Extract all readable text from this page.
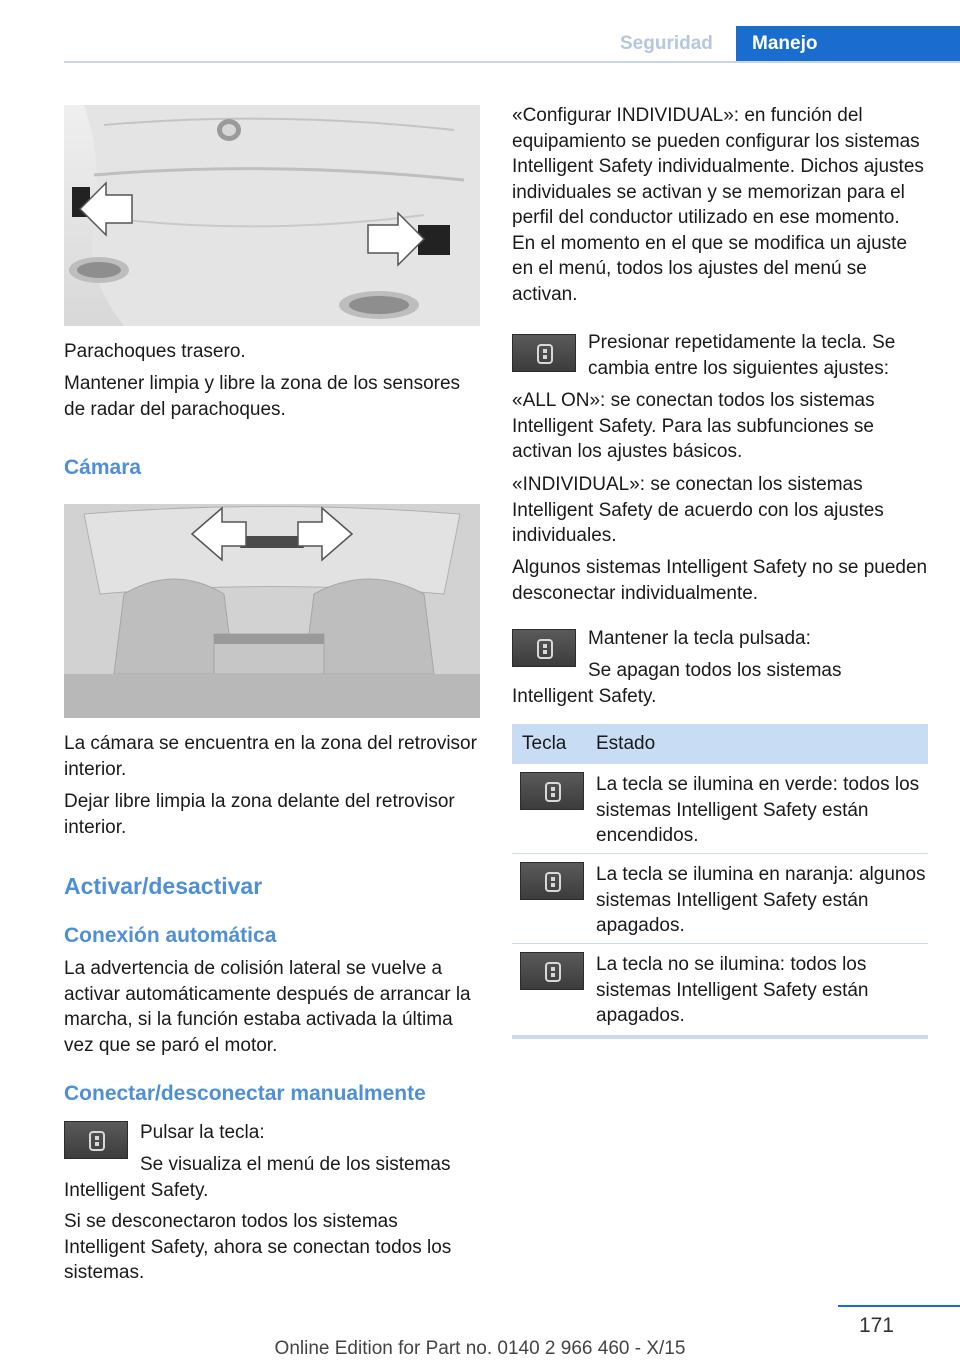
Seguridad	Manejo

Parachoques trasero.

Mantener limpia y libre la zona de los sensores de radar del parachoques.

Cámara

La cámara se encuentra en la zona del retrovisor interior.

Dejar libre limpia la zona delante del retrovisor interior.

Activar/desactivar
Conexión automática

La advertencia de colisión lateral se vuelve a activar automáticamente después de arrancar la marcha, si la función estaba activada la última vez que se paró el motor.

Conectar/desconectar manualmente

Pulsar la tecla:

Se visualiza el menú de los sistemas Intelligent Safety.

Si se desconectaron todos los sistemas Intelligent Safety, ahora se conectan todos los sistemas.

«Configurar INDIVIDUAL»: en función del equipamiento se pueden configurar los sistemas Intelligent Safety individualmente. Dichos ajustes individuales se activan y se memorizan para el perfil del conductor utilizado en ese momento. En el momento en el que se modifica un ajuste en el menú, todos los ajustes del menú se activan.

Presionar repetidamente la tecla. Se cambia entre los siguientes ajustes:

«ALL ON»: se conectan todos los sistemas Intelligent Safety. Para las subfunciones se activan los ajustes básicos.

«INDIVIDUAL»: se conectan los sistemas Intelligent Safety de acuerdo con los ajustes individuales.

Algunos sistemas Intelligent Safety no se pueden desconectar individualmente.

Mantener la tecla pulsada:

Se apagan todos los sistemas Intelligent Safety.

Tecla Estado

La tecla se ilumina en verde: todos los sistemas Intelligent Safety están encendidos.

La tecla se ilumina en naranja: algunos sistemas Intelligent Safety están apagados.

La tecla no se ilumina: todos los sistemas Intelligent Safety están apagados.

171
Online Edition for Part no. 0140 2 966 460 - X/15
